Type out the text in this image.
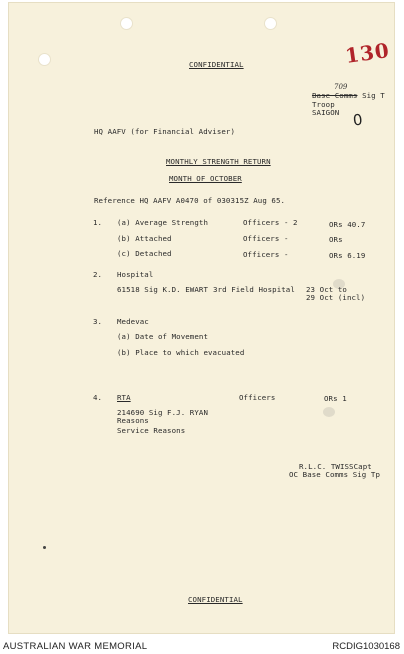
CONFIDENTIAL	130
709
Base Comms Sig T
Troop
SAIGON 0
HQ AAFV (for Financial Adviser)
MONTHLY STRENGTH RETURN
MONTH OF OCTOBER
Reference HQ AAFV A0470 of 030315Z Aug 65.
1. (a) Average Strength	Officers - 2	ORs 40.7
(b) Attached	Officers -	ORs
(c) Detached	Officers -	ORs 6.19
2. Hospital
61518 Sig K.D. EWART 3rd Field Hospital 23 Oct to
29 Oct (incl)
3. Medevac
(a) Date of Movement
(b) Place to which evacuated
4. RTA	Officers	ORs 1
214690 Sig F.J. RYAN
Reasons
Service Reasons
R.L.C. TWISSCapt
OC Base Comms Sig Tp
CONFIDENTIAL
AUSTRALIAN WAR MEMORIAL	RCDIG1030168
